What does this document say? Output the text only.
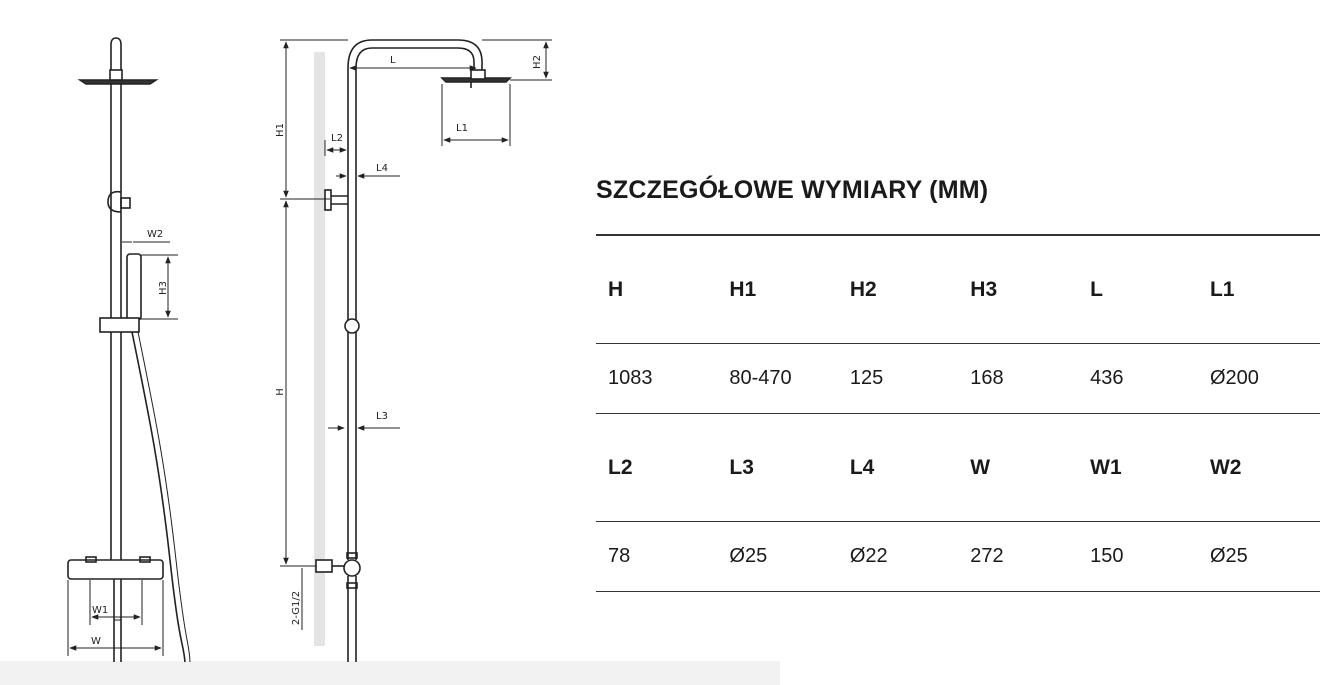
W2
H3
W1
W
H1
H
2-G1/2
H2
L
L1
L2
L4
L3
SZCZEGÓŁOWE WYMIARY (MM)
H	H1	H2	H3	L	L1
1083	80-470	125	168	436	Ø200
L2	L3	L4	W	W1	W2
78	Ø25	Ø22	272	150	Ø25
